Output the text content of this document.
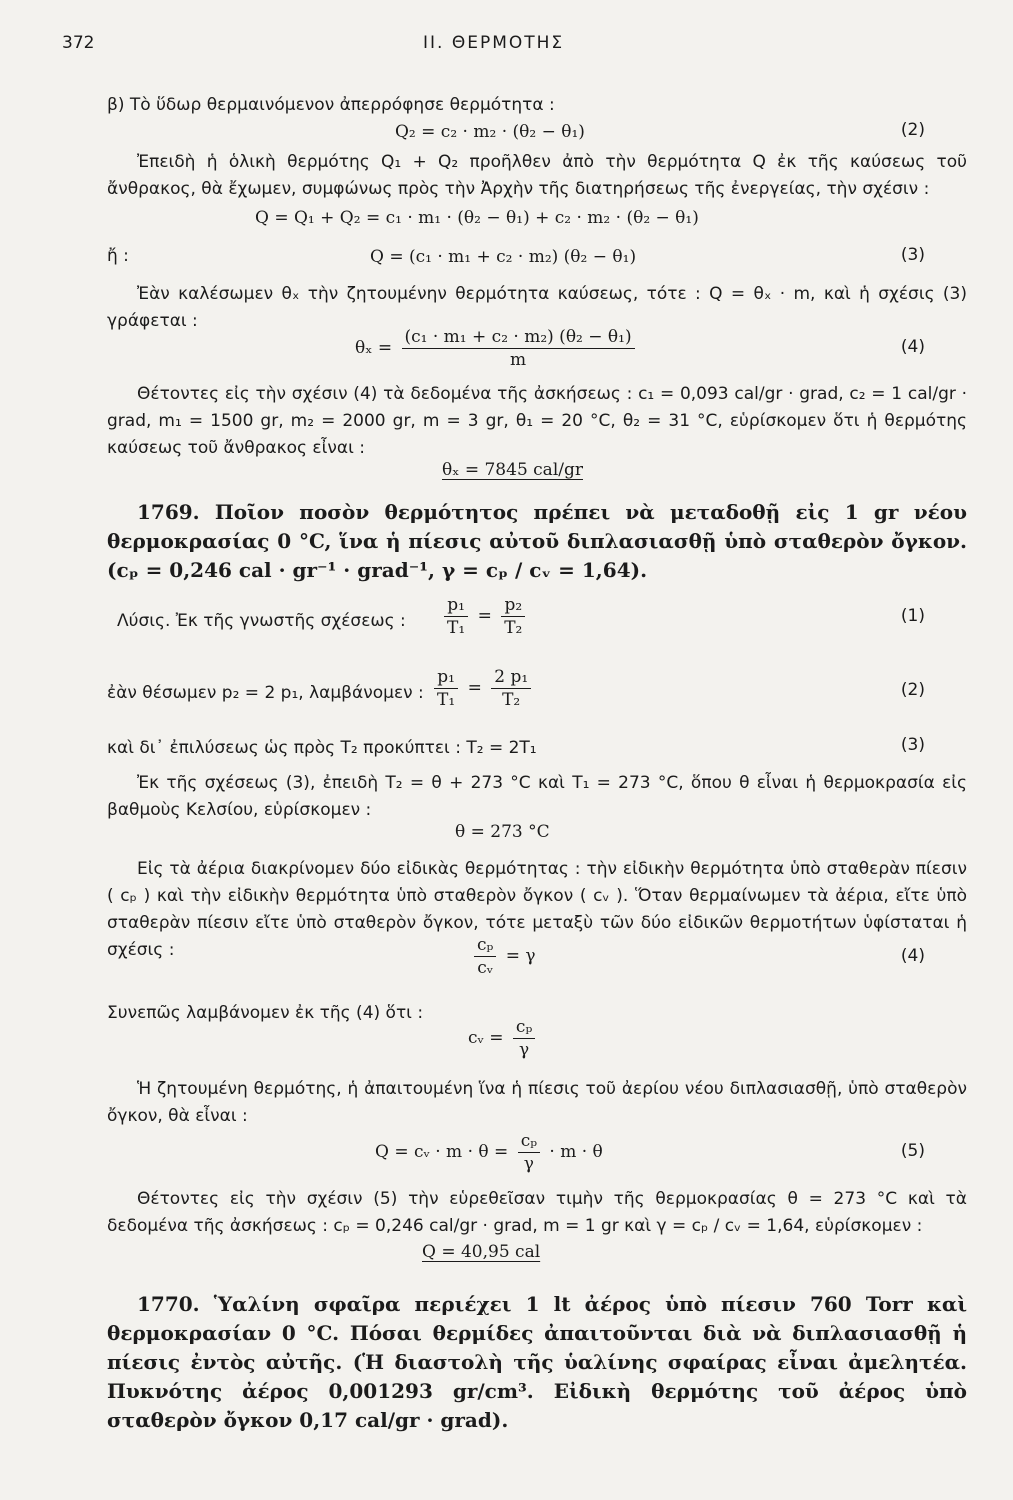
372	ΙΙ. ΘΕΡΜΟΤΗΣ
β) Τὸ ὕδωρ θερμαινόμενον ἀπερρόφησε θερμότητα :
Q₂ = c₂ · m₂ · (θ₂ − θ₁)	(2)
Ἐπειδὴ ἡ ὁλικὴ θερμότης Q₁ + Q₂ προῆλθεν ἀπὸ τὴν θερμότητα Q ἐκ τῆς καύσεως τοῦ ἄνθρακος, θὰ ἔχωμεν, συμφώνως πρὸς τὴν Ἀρχὴν τῆς διατηρήσεως τῆς ἐνεργείας, τὴν σχέσιν :
Q = Q₁ + Q₂ = c₁ · m₁ · (θ₂ − θ₁) + c₂ · m₂ · (θ₂ − θ₁)
ἤ :	Q = (c₁ · m₁ + c₂ · m₂) (θ₂ − θ₁)	(3)
Ἐὰν καλέσωμεν θₓ τὴν ζητουμένην θερμότητα καύσεως, τότε : Q = θₓ · m, καὶ ἡ σχέσις (3) γράφεται :
$\theta_x = \frac{\text{(c₁ · m₁ + c₂ · m₂) (θ₂ − θ₁)}}{m}$	(4)
Θέτοντες εἰς τὴν σχέσιν (4) τὰ δεδομένα τῆς ἀσκήσεως : c₁ = 0,093 cal/gr · grad, c₂ = 1 cal/gr · grad, m₁ = 1500 gr, m₂ = 2000 gr, m = 3 gr, θ₁ = 20 °C, θ₂ = 31 °C, εὑρίσκομεν ὅτι ἡ θερμότης καύσεως τοῦ ἄνθρακος εἶναι :
θₓ = 7845 cal/gr
1769. Ποῖον ποσὸν θερμότητος πρέπει νὰ μεταδοθῇ εἰς 1 gr νέου θερμοκρασίας 0 °C, ἵνα ἡ πίεσις αὐτοῦ διπλασιασθῇ ὑπὸ σταθερὸν ὄγκον. (cₚ = 0,246 cal · gr⁻¹ · grad⁻¹, γ = cₚ / cᵥ = 1,64).
Λύσις. Ἐκ τῆς γνωστῆς σχέσεως : $\frac{\text{p₁}}{\text{T₁}} = \frac{\text{p₂}}{\text{T₂}}$	(1)
ἐὰν θέσωμεν p₂ = 2 p₁, λαμβάνομεν : $\frac{\text{p₁}}{\text{T₁}} = \frac{\text{2 p₁}}{\text{T₂}}$	(2)
καὶ δι᾿ ἐπιλύσεως ὡς πρὸς T₂ προκύπτει : T₂ = 2T₁	(3)
Ἐκ τῆς σχέσεως (3), ἐπειδὴ T₂ = θ + 273 °C καὶ T₁ = 273 °C, ὅπου θ εἶναι ἡ θερμοκρασία εἰς βαθμοὺς Κελσίου, εὑρίσκομεν :
θ = 273 °C
Εἰς τὰ ἀέρια διακρίνομεν δύο εἰδικὰς θερμότητας : τὴν εἰδικὴν θερμότητα ὑπὸ σταθερὰν πίεσιν ( cₚ ) καὶ τὴν εἰδικὴν θερμότητα ὑπὸ σταθερὸν ὄγκον ( cᵥ ). Ὅταν θερμαίνωμεν τὰ ἀέρια, εἴτε ὑπὸ σταθερὰν πίεσιν εἴτε ὑπὸ σταθερὸν ὄγκον, τότε μεταξὺ τῶν δύο εἰδικῶν θερμοτήτων ὑφίσταται ἡ σχέσις :	$\frac{\text{cₚ}}{\text{cᵥ}} = \gamma$	(4)
Συνεπῶς λαμβάνομεν ἐκ τῆς (4) ὅτι :
cᵥ = $\frac{\text{cₚ}}{\gamma}$
Ἡ ζητουμένη θερμότης, ἡ ἀπαιτουμένη ἵνα ἡ πίεσις τοῦ ἀερίου νέου διπλασιασθῇ, ὑπὸ σταθερὸν ὄγκον, θὰ εἶναι :
Q = cᵥ · $m \cdot \theta = \frac{\text{cₚ}}{\gamma} \cdot m \cdot \theta$	(5)
Θέτοντες εἰς τὴν σχέσιν (5) τὴν εὑρεθεῖσαν τιμὴν τῆς θερμοκρασίας θ = 273 °C καὶ τὰ δεδομένα τῆς ἀσκήσεως : cₚ = 0,246 cal/gr · grad, m = 1 gr καὶ γ = cₚ / cᵥ = 1,64, εὑρίσκομεν :
Q = 40,95 cal
1770. Ὑαλίνη σφαῖρα περιέχει 1 lt ἀέρος ὑπὸ πίεσιν 760 Torr καὶ θερμοκρασίαν 0 °C. Πόσαι θερμίδες ἀπαιτοῦνται διὰ νὰ διπλασιασθῇ ἡ πίεσις ἐντὸς αὐτῆς. (Ἡ διαστολὴ τῆς ὑαλίνης σφαίρας εἶναι ἀμελητέα. Πυκνότης ἀέρος 0,001293 gr/cm³. Εἰδικὴ θερμότης τοῦ ἀέρος ὑπὸ σταθερὸν ὄγκον 0,17 cal/gr · grad).
